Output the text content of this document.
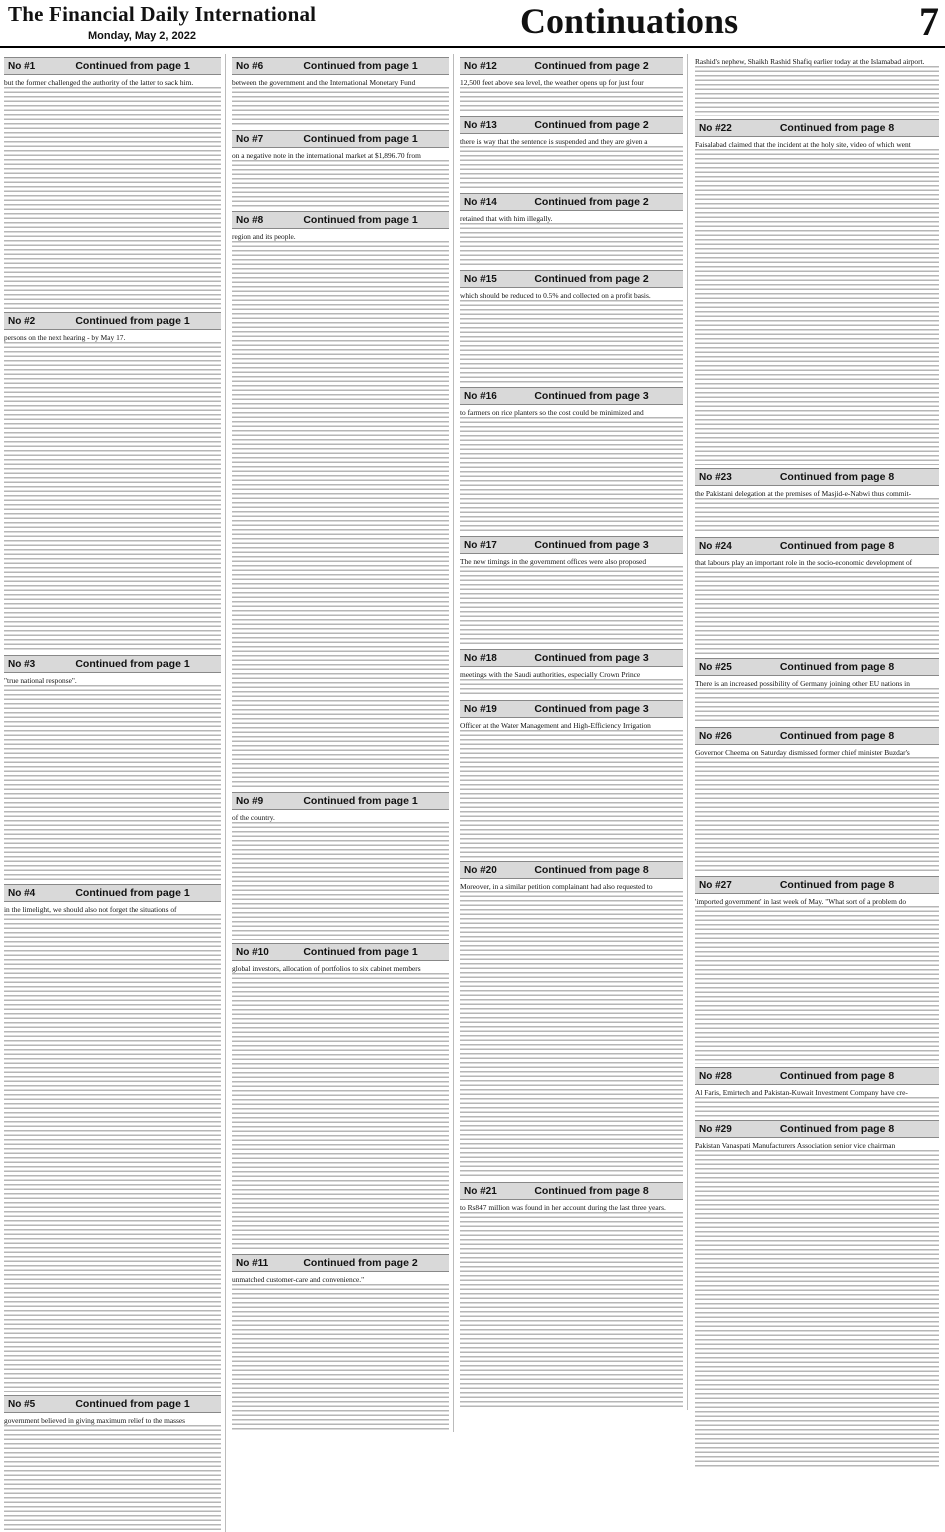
The Financial Daily International
Monday, May 2, 2022	Continuations	7
No #1	Continued from page 1

but the former challenged the authority of the latter to sack him.

No #2	Continued from page 1

persons on the next hearing - by May 17.

No #3	Continued from page 1

"true national response".

No #4	Continued from page 1

in the limelight, we should also not forget the situations of

No #5	Continued from page 1

government believed in giving maximum relief to the masses

No #6	Continued from page 1

between the government and the International Monetary Fund

No #7	Continued from page 1

on a negative note in the international market at $1,896.70 from

No #8	Continued from page 1

region and its people.

No #9	Continued from page 1

of the country.

No #10	Continued from page 1

global investors, allocation of portfolios to six cabinet members

No #11	Continued from page 2

unmatched customer-care and convenience."

No #12	Continued from page 2

12,500 feet above sea level, the weather opens up for just four

No #13	Continued from page 2

there is way that the sentence is suspended and they are given a

No #14	Continued from page 2

retained that with him illegally.

No #15	Continued from page 2

which should be reduced to 0.5% and collected on a profit basis.

No #16	Continued from page 3

to farmers on rice planters so the cost could be minimized and

No #17	Continued from page 3

The new timings in the government offices were also proposed

No #18	Continued from page 3

meetings with the Saudi authorities, especially Crown Prince

No #19	Continued from page 3

Officer at the Water Management and High-Efficiency Irrigation

No #20	Continued from page 8

Moreover, in a similar petition complainant had also requested to

No #21	Continued from page 8

to Rs847 million was found in her account during the last three years.

Rashid's nephew, Shaikh Rashid Shafiq earlier today at the Islamabad airport.

No #22	Continued from page 8

Faisalabad claimed that the incident at the holy site, video of which went

No #23	Continued from page 8

the Pakistani delegation at the premises of Masjid-e-Nabwi thus commit-

No #24	Continued from page 8

that labours play an important role in the socio-economic development of

No #25	Continued from page 8

There is an increased possibility of Germany joining other EU nations in

No #26	Continued from page 8

Governor Cheema on Saturday dismissed former chief minister Buzdar's

No #27	Continued from page 8

'imported government' in last week of May. "What sort of a problem do

No #28	Continued from page 8

Al Faris, Emirtech and Pakistan-Kuwait Investment Company have cre-

No #29	Continued from page 8

Pakistan Vanaspati Manufacturers Association senior vice chairman
